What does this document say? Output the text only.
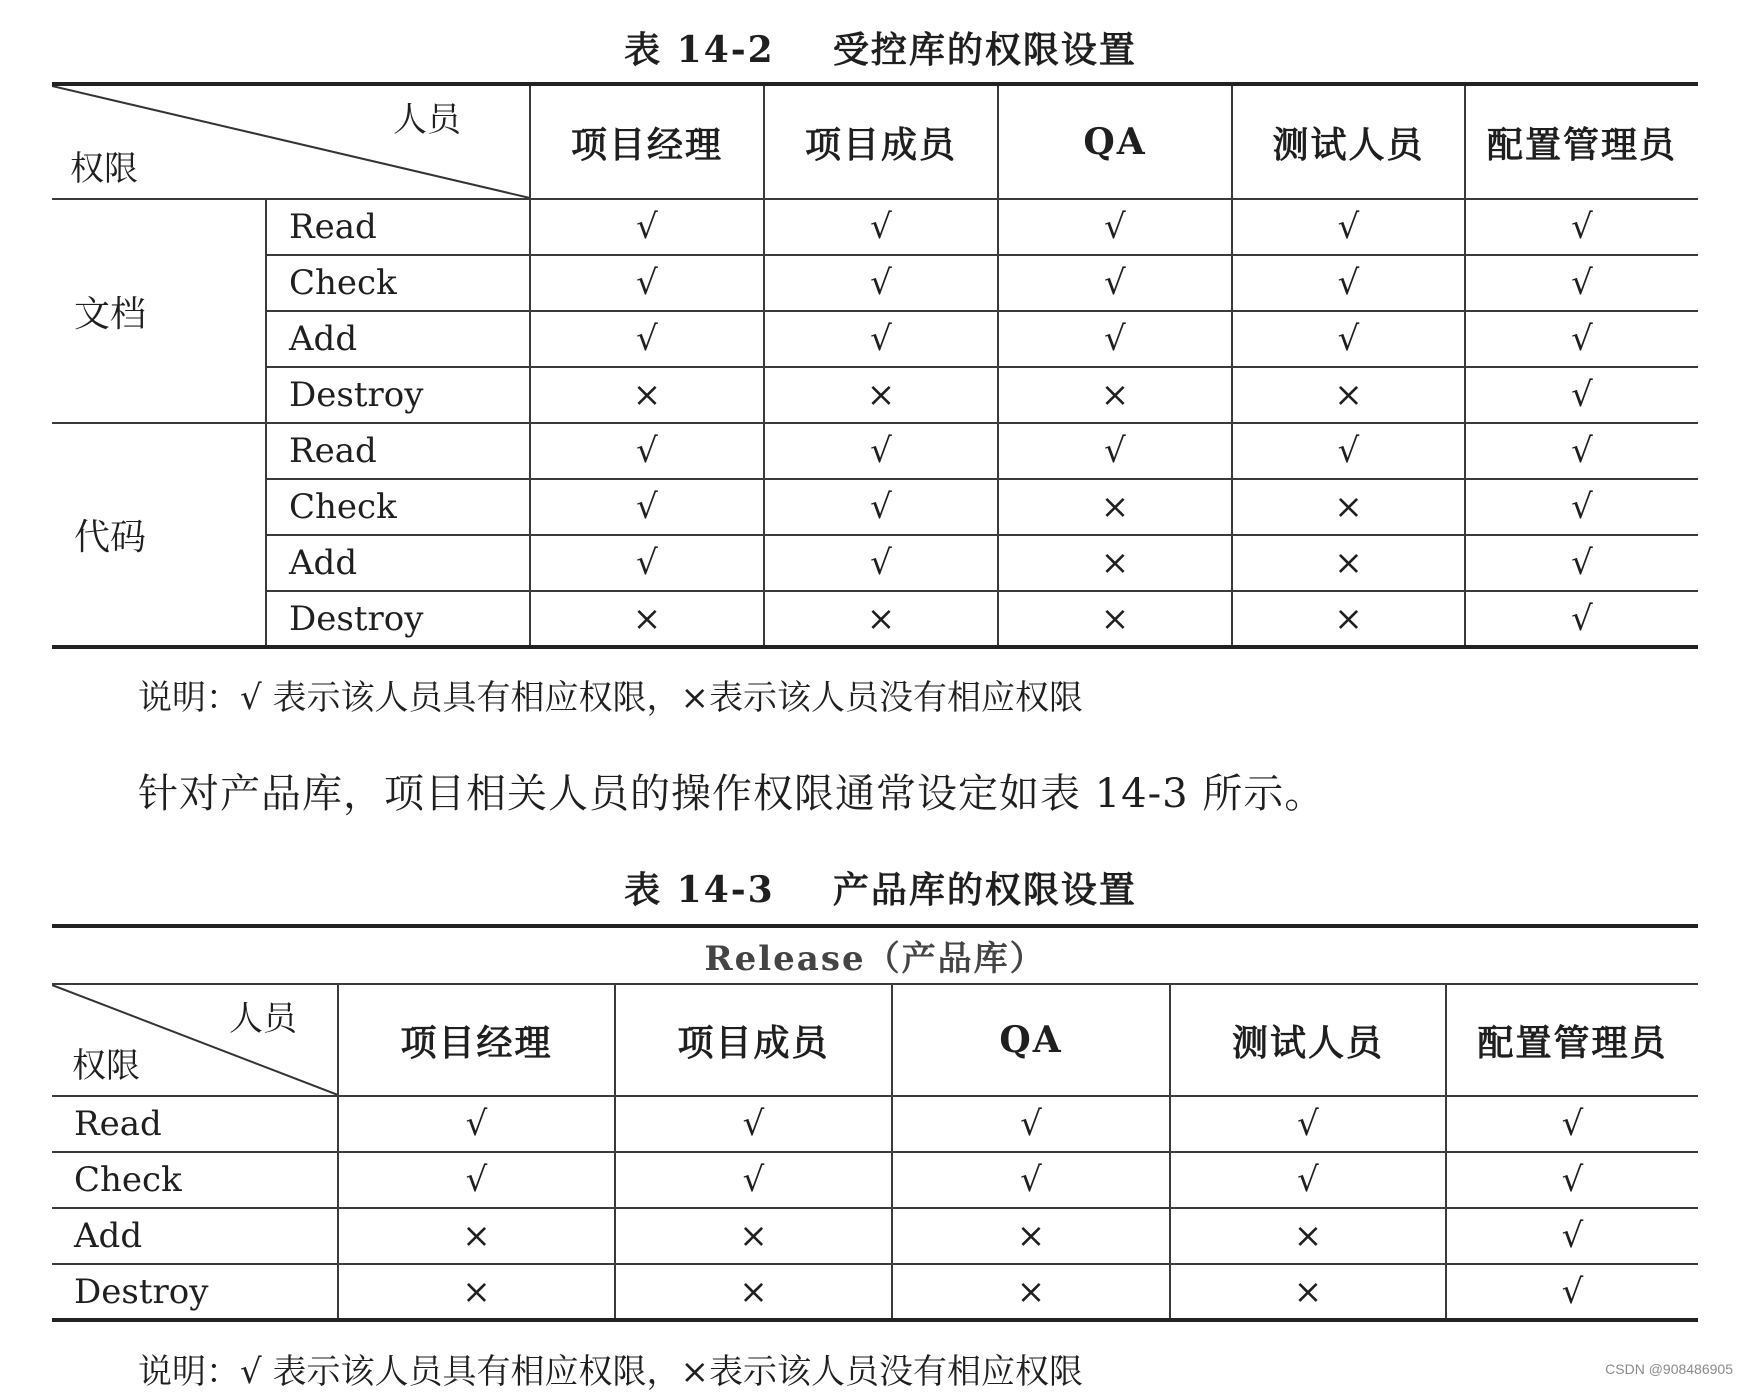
表 14-2    受控库的权限设置
人员
权限		项目经理	项目成员	QA	测试人员	配置管理员
文档	Read	√	√	√	√	√
	Check	√	√	√	√	√
	Add	√	√	√	√	√
	Destroy	×	×	×	×	√
代码	Read	√	√	√	√	√
	Check	√	√	×	×	√
	Add	√	√	×	×	√
	Destroy	×	×	×	×	√
说明：√ 表示该人员具有相应权限，×表示该人员没有相应权限
针对产品库，项目相关人员的操作权限通常设定如表 14-3 所示。
表 14-3    产品库的权限设置
Release（产品库）					

人员
权限	项目经理	项目成员	QA	测试人员	配置管理员
Read	√	√	√	√	√
Check	√	√	√	√	√
Add	×	×	×	×	√
Destroy	×	×	×	×	√
说明：√ 表示该人员具有相应权限，×表示该人员没有相应权限	CSDN @908486905
